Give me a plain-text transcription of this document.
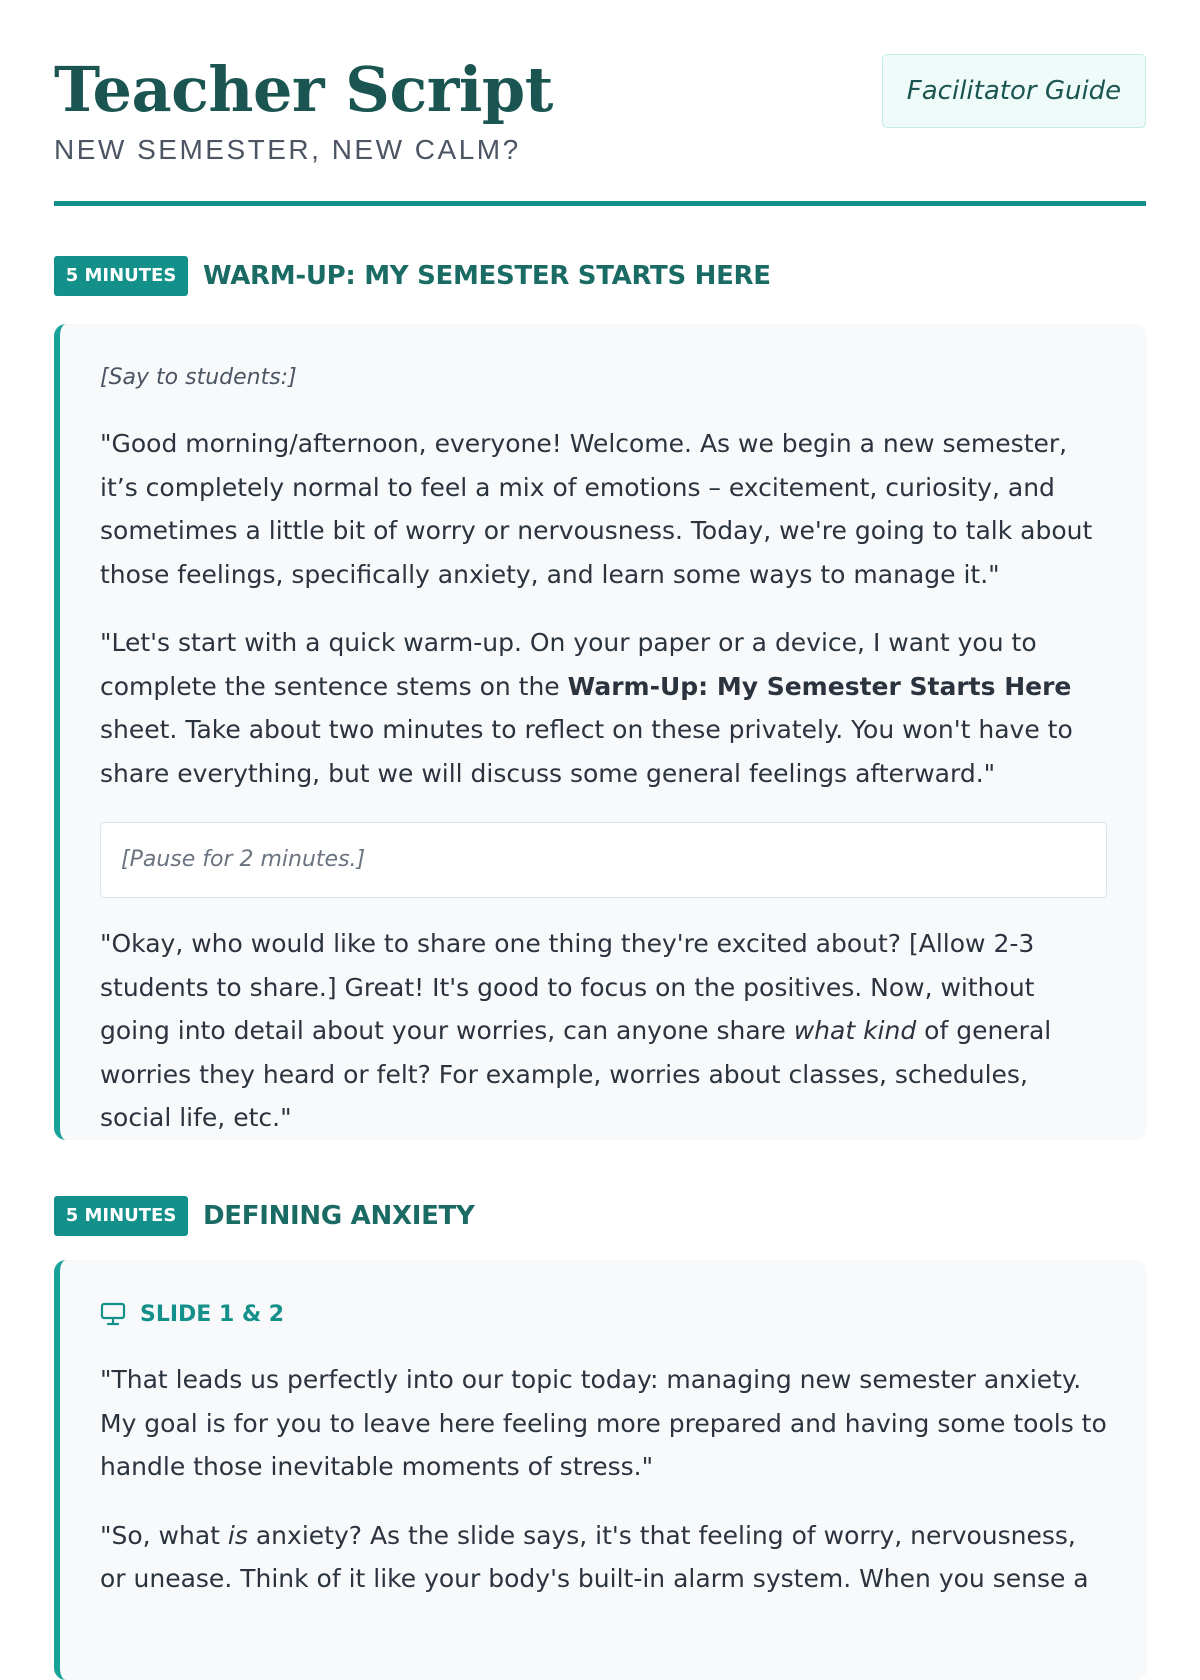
Teacher Script
NEW SEMESTER, NEW CALM?
Facilitator Guide
5 MINUTES	WARM-UP: MY SEMESTER STARTS HERE

[Say to students:]

"Good morning/afternoon, everyone! Welcome. As we begin a new semester, it’s completely normal to feel a mix of emotions – excitement, curiosity, and sometimes a little bit of worry or nervousness. Today, we're going to talk about those feelings, specifically anxiety, and learn some ways to manage it."

"Let's start with a quick warm-up. On your paper or a device, I want you to complete the sentence stems on the Warm-Up: My Semester Starts Here sheet. Take about two minutes to reflect on these privately. You won't have to share everything, but we will discuss some general feelings afterward."

[Pause for 2 minutes.]

"Okay, who would like to share one thing they're excited about? [Allow 2-3 students to share.] Great! It's good to focus on the positives. Now, without going into detail about your worries, can anyone share what kind of general worries they heard or felt? For example, worries about classes, schedules, social life, etc."

5 MINUTES	DEFINING ANXIETY
SLIDE 1 & 2

"That leads us perfectly into our topic today: managing new semester anxiety. My goal is for you to leave here feeling more prepared and having some tools to handle those inevitable moments of stress."

"So, what is anxiety? As the slide says, it's that feeling of worry, nervousness, or unease. Think of it like your body's built-in alarm system. When you sense a
